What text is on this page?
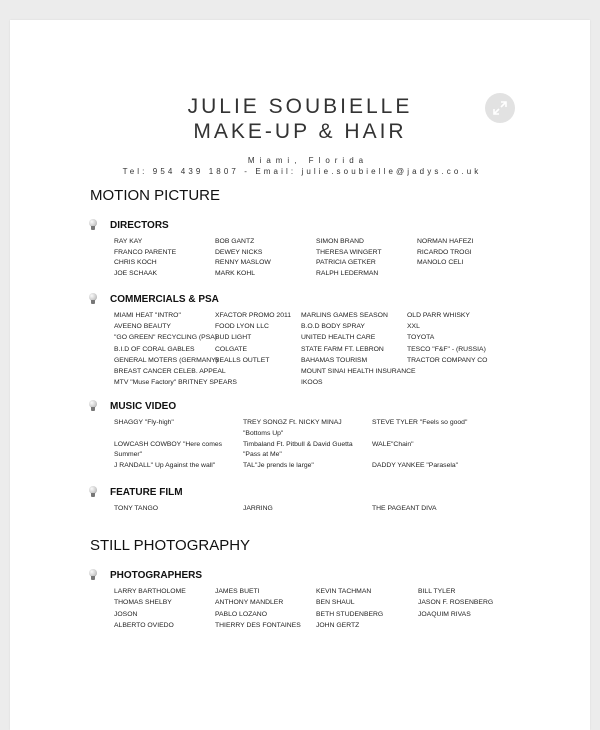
JULIE SOUBIELLE
MAKE-UP & HAIR
Miami, Florida
Tel: 954 439 1807 - Email: julie.soubielle@jadys.co.uk
MOTION PICTURE
DIRECTORS
COMMERCIALS & PSA
MUSIC VIDEO
FEATURE FILM
STILL PHOTOGRAPHY
PHOTOGRAPHERS
RAY KAY
FRANCO PARENTE
CHRIS KOCH
JOE SCHAAK
BOB GANTZ
DEWEY NICKS
RENNY MASLOW
MARK KOHL
SIMON BRAND
THERESA WINGERT
PATRICIA GETKER
RALPH LEDERMAN
NORMAN HAFEZI
RICARDO TROGI
MANOLO CELI
MIAMI HEAT "INTRO"
AVEENO BEAUTY
"GO GREEN" RECYCLING (PSA)
B.I.D OF CORAL GABLES
GENERAL MOTERS (GERMANY)
BREAST CANCER CELEB. APPEAL
MTV "Muse Factory" BRITNEY SPEARS
XFACTOR PROMO 2011
FOOD LYON LLC
BUD LIGHT
COLGATE
BEALLS OUTLET
MARLINS GAMES SEASON
B.O.D BODY SPRAY
UNITED HEALTH CARE
STATE FARM FT. LEBRON
BAHAMAS TOURISM
MOUNT SINAI HEALTH INSURANCE
IKOOS
OLD PARR WHISKY
XXL
TOYOTA
TESCO "F&F" - (RUSSIA)
TRACTOR COMPANY CO
SHAGGY "Fly-high"
LOWCASH COWBOY "Here comes
Summer"
J RANDALL" Up Against the wall"
TREY SONGZ Ft. NICKY MINAJ
"Bottoms Up"
Timbaland Ft. Pitbull & David Guetta
"Pass at Me"
TAL"Je prends le large"
STEVE TYLER "Feels so good"
WALE"Chain"
DADDY YANKEE "Parasela"
TONY TANGO	JARRING	THE PAGEANT DIVA
LARRY BARTHOLOME
THOMAS SHELBY
JOSON
ALBERTO OVIEDO
JAMES BUETI
ANTHONY MANDLER
PABLO LOZANO
THIERRY DES FONTAINES
KEVIN TACHMAN
BEN SHAUL
BETH STUDENBERG
JOHN GERTZ
BILL TYLER
JASON F. ROSENBERG
JOAQUIM RIVAS
